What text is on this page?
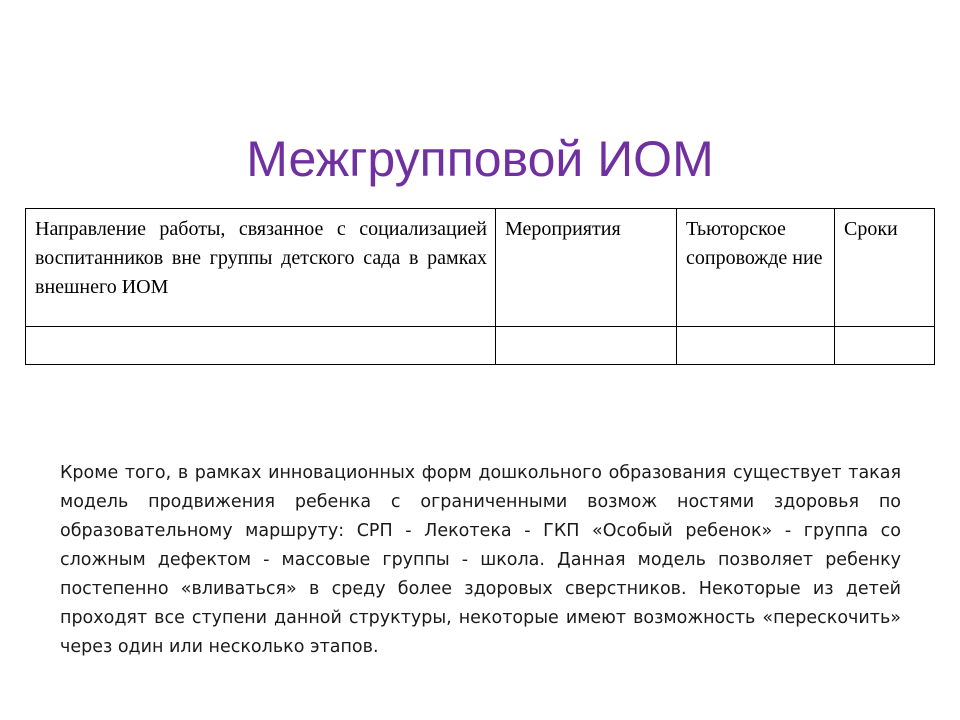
Межгрупповой ИОМ
Направление работы, связанное с социализацией воспитанников вне группы детского сада в рамках внешнего ИОМ	Мероприятия	Тьюторское сопровожде ние	Сроки

Кроме того, в рамках инновационных форм дошкольного образования существует такая модель продвижения ребенка с ограниченными возмож ностями здоровья по образовательному маршруту: СРП - Лекотека - ГКП «Особый ребенок» - группа со сложным дефектом - массовые группы - школа. Данная модель позволяет ребенку постепенно «вливаться» в среду более здоровых сверстников. Некоторые из детей проходят все ступени данной структуры, некоторые имеют возможность «перескочить» через один или несколько этапов.
